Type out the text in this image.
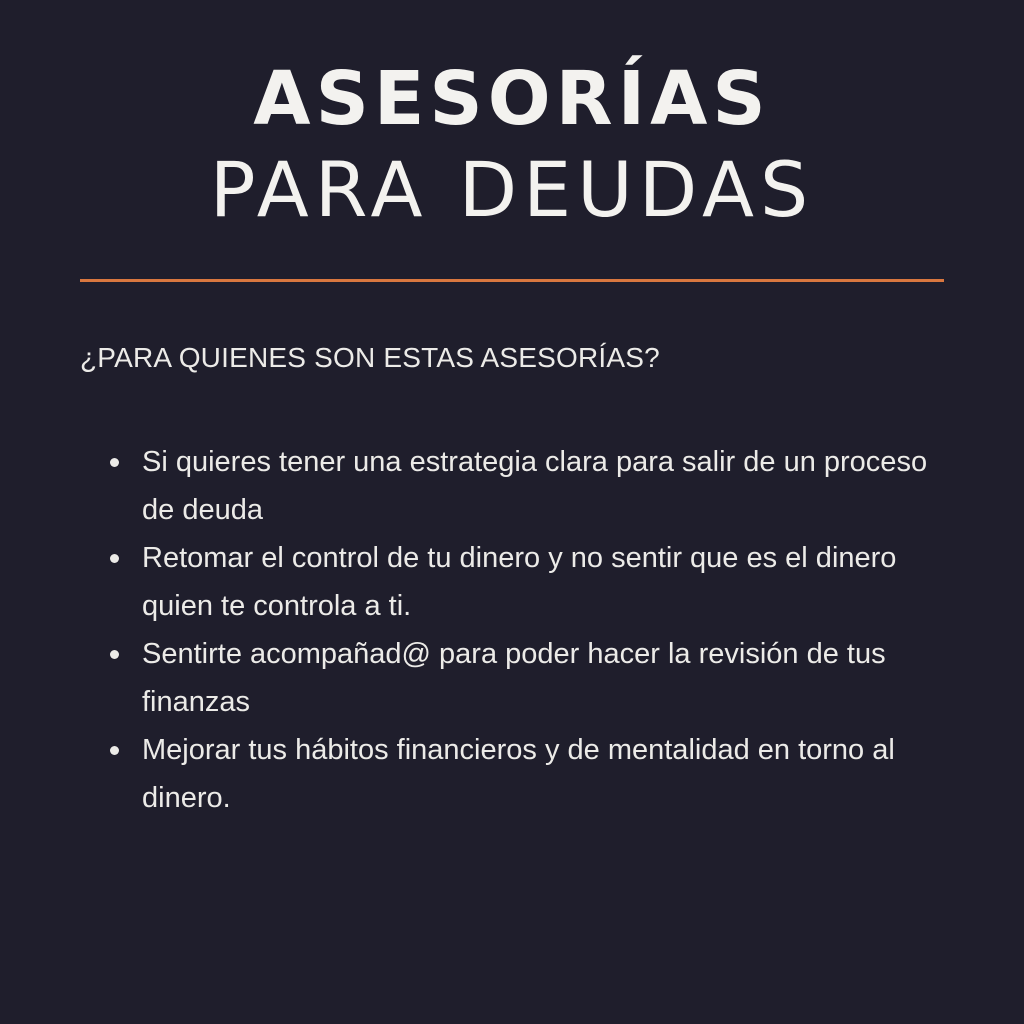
ASESORÍAS
PARA DEUDAS
¿PARA QUIENES SON ESTAS ASESORÍAS?
Si quieres tener una estrategia clara para salir de un proceso de deuda
Retomar el control de tu dinero y no sentir que es el dinero quien te controla a ti.
Sentirte acompañad@ para poder hacer la revisión de tus finanzas
Mejorar tus hábitos financieros y de mentalidad en torno al dinero.
